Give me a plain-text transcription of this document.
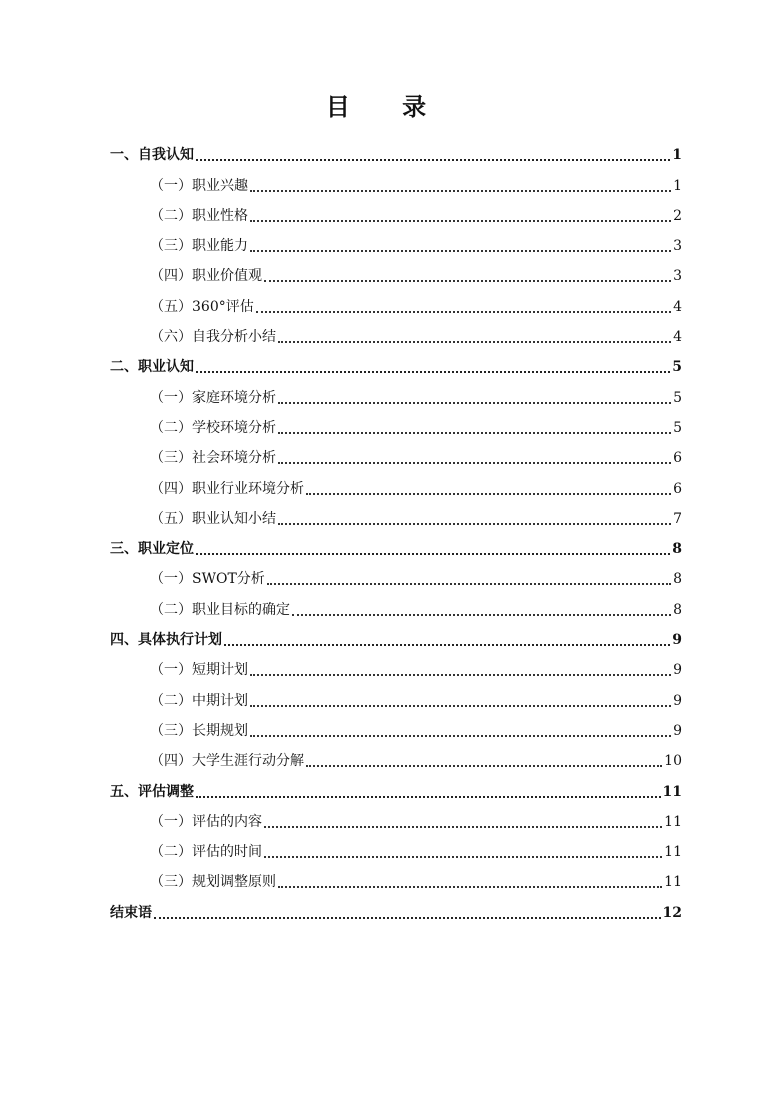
目 录
一、自我认知	1
（一）职业兴趣	1
（二）职业性格	2
（三）职业能力	3
（四）职业价值观	3
（五）360°评估	4
（六）自我分析小结	4
二、职业认知	5
（一）家庭环境分析	5
（二）学校环境分析	5
（三）社会环境分析	6
（四）职业行业环境分析	6
（五）职业认知小结	7
三、职业定位	8
（一）SWOT分析	8
（二）职业目标的确定	8
四、具体执行计划	9
（一）短期计划	9
（二）中期计划	9
（三）长期规划	9
（四）大学生涯行动分解	10
五、评估调整	11
（一）评估的内容	11
（二）评估的时间	11
（三）规划调整原则	11
结束语	12
